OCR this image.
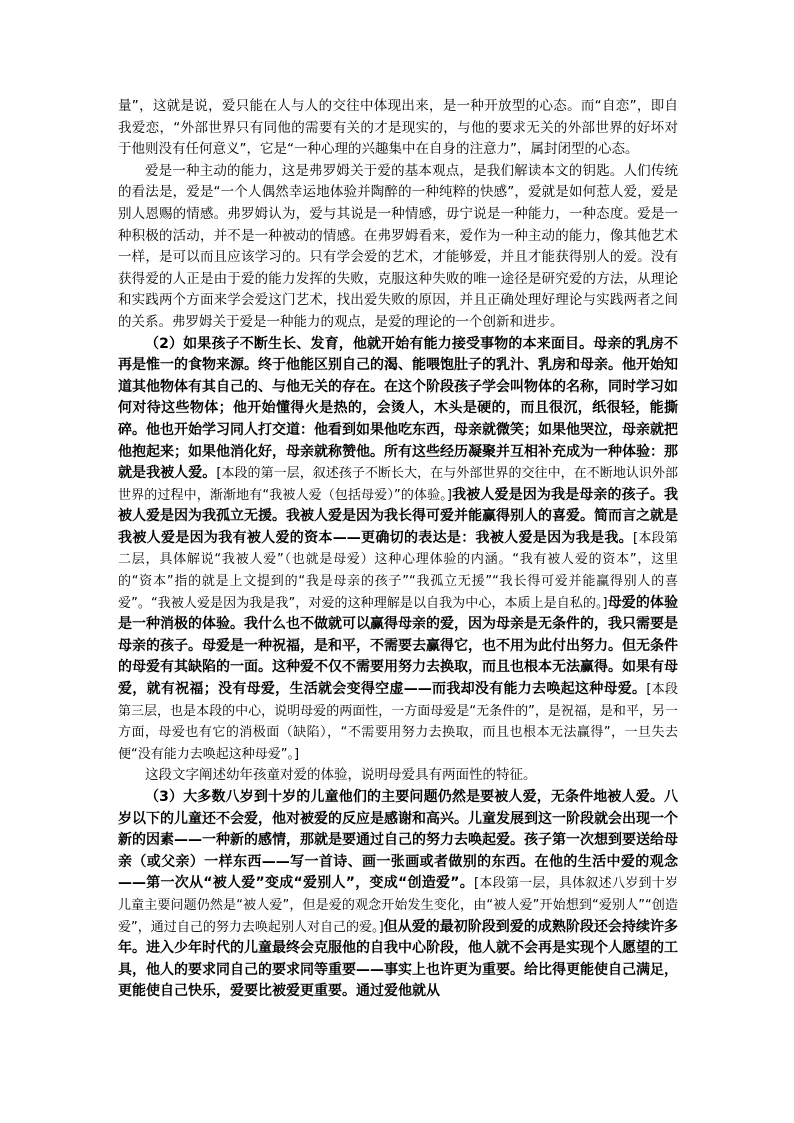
量”，这就是说，爱只能在人与人的交往中体现出来，是一种开放型的心态。而“自恋”，即自我爱恋，“外部世界只有同他的需要有关的才是现实的，与他的要求无关的外部世界的好坏对于他则没有任何意义”，它是“一种心理的兴趣集中在自身的注意力”，属封闭型的心态。

爱是一种主动的能力，这是弗罗姆关于爱的基本观点，是我们解读本文的钥匙。人们传统的看法是，爱是“一个人偶然幸运地体验并陶醉的一种纯粹的快感”，爱就是如何惹人爱，爱是别人恩赐的情感。弗罗姆认为，爱与其说是一种情感，毋宁说是一种能力，一种态度。爱是一种积极的活动，并不是一种被动的情感。在弗罗姆看来，爱作为一种主动的能力，像其他艺术一样，是可以而且应该学习的。只有学会爱的艺术，才能够爱，并且才能获得别人的爱。没有获得爱的人正是由于爱的能力发挥的失败，克服这种失败的唯一途径是研究爱的方法，从理论和实践两个方面来学会爱这门艺术，找出爱失败的原因，并且正确处理好理论与实践两者之间的关系。弗罗姆关于爱是一种能力的观点，是爱的理论的一个创新和进步。

（2）如果孩子不断生长、发育，他就开始有能力接受事物的本来面目。母亲的乳房不再是惟一的食物来源。终于他能区别自己的渴、能喂饱肚子的乳汁、乳房和母亲。他开始知道其他物体有其自己的、与他无关的存在。在这个阶段孩子学会叫物体的名称，同时学习如何对待这些物体；他开始懂得火是热的，会烫人，木头是硬的，而且很沉，纸很轻，能撕碎。他也开始学习同人打交道：他看到如果他吃东西，母亲就微笑；如果他哭泣，母亲就把他抱起来；如果他消化好，母亲就称赞他。所有这些经历凝聚并互相补充成为一种体验：那就是我被人爱。[本段的第一层，叙述孩子不断长大，在与外部世界的交往中，在不断地认识外部世界的过程中，渐渐地有“我被人爱（包括母爱）”的体验。]我被人爱是因为我是母亲的孩子。我被人爱是因为我孤立无援。我被人爱是因为我长得可爱并能赢得别人的喜爱。简而言之就是我被人爱是因为我有被人爱的资本——更确切的表达是：我被人爱是因为我是我。[本段第二层，具体解说“我被人爱”（也就是母爱）这种心理体验的内涵。“我有被人爱的资本”，这里的“资本”指的就是上文提到的“我是母亲的孩子”“我孤立无援”“我长得可爱并能赢得别人的喜爱”。“我被人爱是因为我是我”，对爱的这种理解是以自我为中心，本质上是自私的。]母爱的体验是一种消极的体验。我什么也不做就可以赢得母亲的爱，因为母亲是无条件的，我只需要是母亲的孩子。母爱是一种祝福，是和平，不需要去赢得它，也不用为此付出努力。但无条件的母爱有其缺陷的一面。这种爱不仅不需要用努力去换取，而且也根本无法赢得。如果有母爱，就有祝福；没有母爱，生活就会变得空虚——而我却没有能力去唤起这种母爱。[本段第三层，也是本段的中心，说明母爱的两面性，一方面母爱是“无条件的”，是祝福，是和平，另一方面，母爱也有它的消极面（缺陷），“不需要用努力去换取，而且也根本无法赢得”，一旦失去便“没有能力去唤起这种母爱”。]

这段文字阐述幼年孩童对爱的体验，说明母爱具有两面性的特征。

（3）大多数八岁到十岁的儿童他们的主要问题仍然是要被人爱，无条件地被人爱。八岁以下的儿童还不会爱，他对被爱的反应是感谢和高兴。儿童发展到这一阶段就会出现一个新的因素——一种新的感情，那就是要通过自己的努力去唤起爱。孩子第一次想到要送给母亲（或父亲）一样东西——写一首诗、画一张画或者做别的东西。在他的生活中爱的观念——第一次从“被人爱”变成“爱别人”，变成“创造爱”。[本段第一层，具体叙述八岁到十岁儿童主要问题仍然是“被人爱”，但是爱的观念开始发生变化，由“被人爱”开始想到“爱别人”“创造爱”，通过自己的努力去唤起别人对自己的爱。]但从爱的最初阶段到爱的成熟阶段还会持续许多年。进入少年时代的儿童最终会克服他的自我中心阶段，他人就不会再是实现个人愿望的工具，他人的要求同自己的要求同等重要——事实上也许更为重要。给比得更能使自己满足，更能使自己快乐，爱要比被爱更重要。通过爱他就从
